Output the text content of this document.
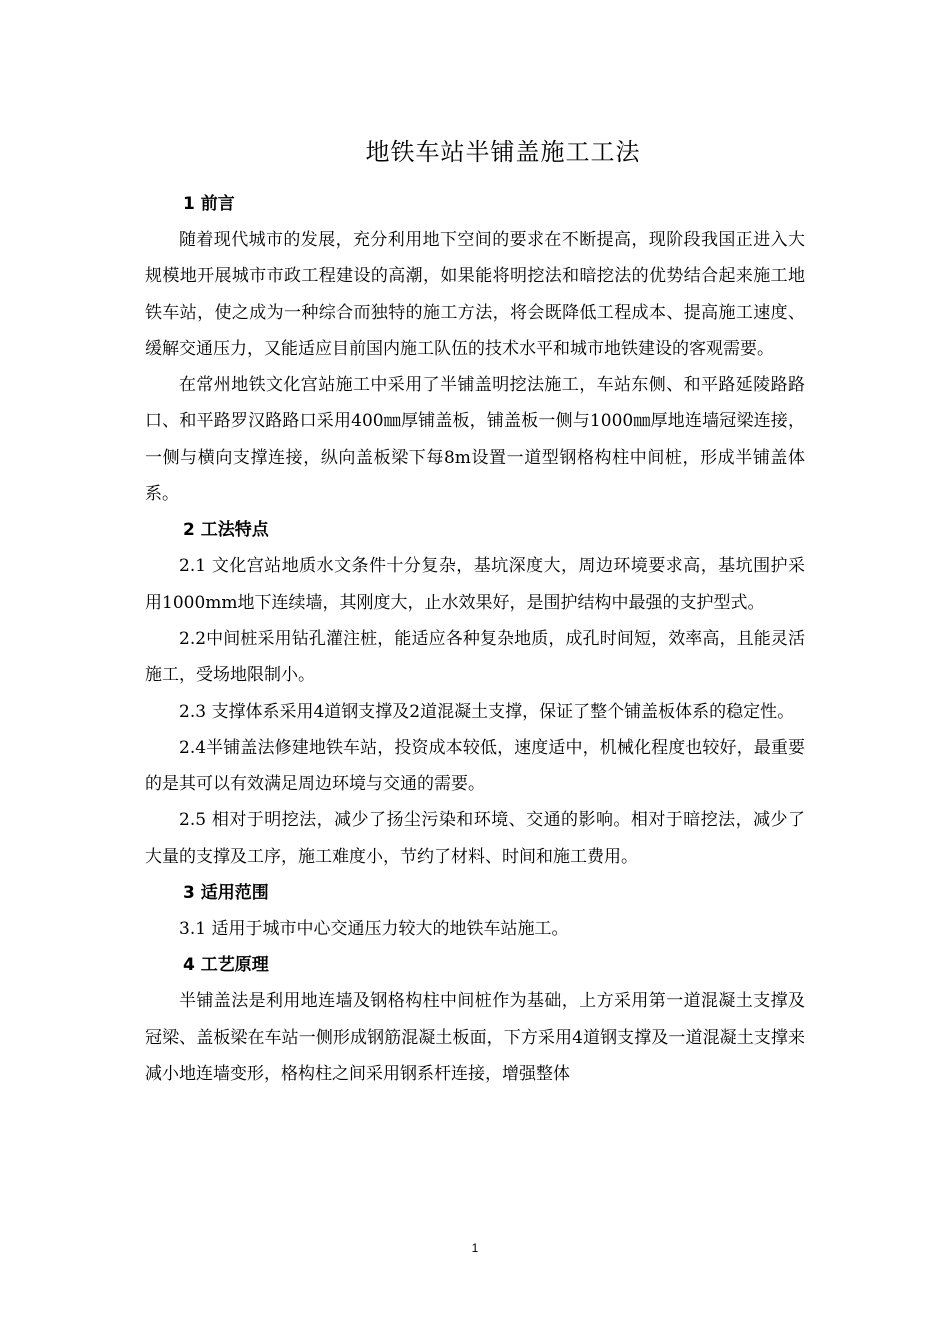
地铁车站半铺盖施工工法
1 前言

随着现代城市的发展，充分利用地下空间的要求在不断提高，现阶段我国正进入大规模地开展城市市政工程建设的高潮，如果能将明挖法和暗挖法的优势结合起来施工地铁车站，使之成为一种综合而独特的施工方法，将会既降低工程成本、提高施工速度、缓解交通压力，又能适应目前国内施工队伍的技术水平和城市地铁建设的客观需要。

在常州地铁文化宫站施工中采用了半铺盖明挖法施工，车站东侧、和平路延陵路路口、和平路罗汉路路口采用400㎜厚铺盖板，铺盖板一侧与1000㎜厚地连墙冠梁连接，一侧与横向支撑连接，纵向盖板梁下每8m设置一道型钢格构柱中间桩，形成半铺盖体系。

2 工法特点

2.1 文化宫站地质水文条件十分复杂，基坑深度大，周边环境要求高，基坑围护采用1000mm地下连续墙，其刚度大，止水效果好，是围护结构中最强的支护型式。

2.2中间桩采用钻孔灌注桩，能适应各种复杂地质，成孔时间短，效率高，且能灵活施工，受场地限制小。

2.3 支撑体系采用4道钢支撑及2道混凝土支撑，保证了整个铺盖板体系的稳定性。

2.4半铺盖法修建地铁车站，投资成本较低，速度适中，机械化程度也较好，最重要的是其可以有效满足周边环境与交通的需要。

2.5 相对于明挖法，减少了扬尘污染和环境、交通的影响。相对于暗挖法，减少了大量的支撑及工序，施工难度小，节约了材料、时间和施工费用。

3 适用范围

3.1 适用于城市中心交通压力较大的地铁车站施工。

4 工艺原理

半铺盖法是利用地连墙及钢格构柱中间桩作为基础，上方采用第一道混凝土支撑及冠梁、盖板梁在车站一侧形成钢筋混凝土板面，下方采用4道钢支撑及一道混凝土支撑来减小地连墙变形，格构柱之间采用钢系杆连接，增强整体

1
